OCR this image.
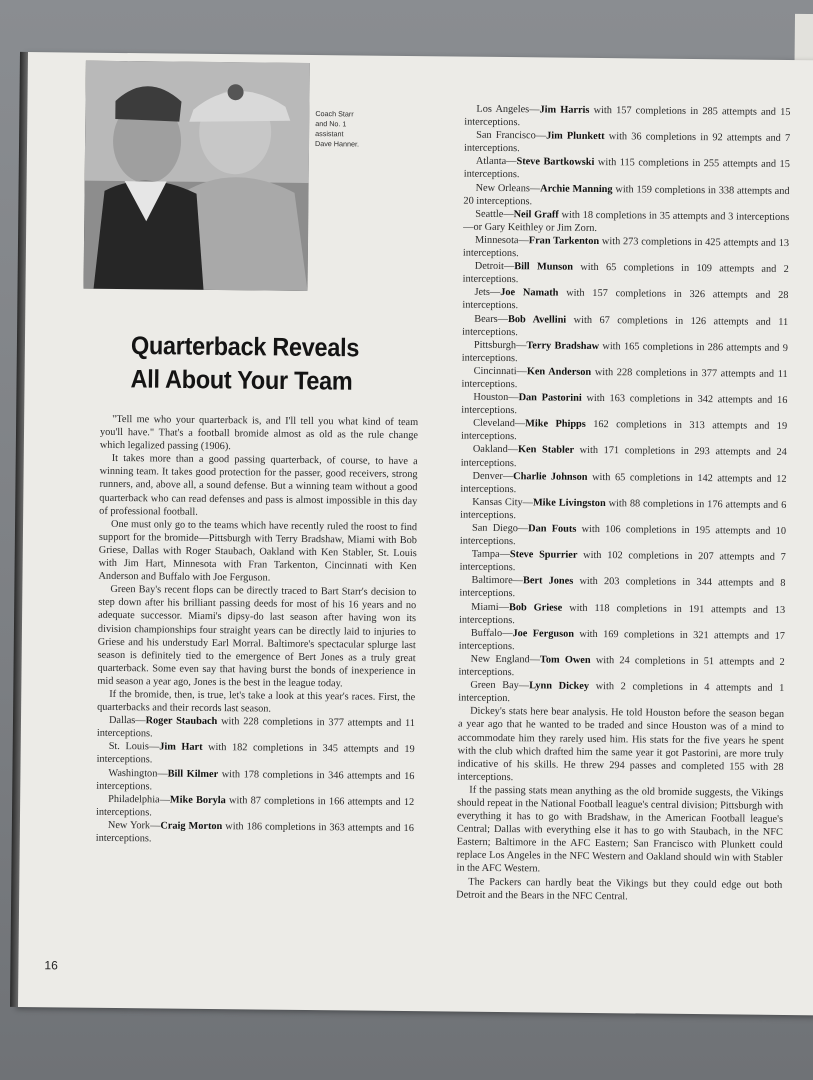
Coach Starr
and No. 1
assistant
Dave Hanner.
Quarterback Reveals
All About Your Team

"Tell me who your quarterback is, and I'll tell you what kind of team you'll have." That's a football bromide almost as old as the rule change which legalized passing (1906).

It takes more than a good passing quarterback, of course, to have a winning team. It takes good protection for the passer, good receivers, strong runners, and, above all, a sound defense. But a winning team without a good quarterback who can read defenses and pass is almost impossible in this day of professional football.

One must only go to the teams which have recently ruled the roost to find support for the bromide—Pittsburgh with Terry Bradshaw, Miami with Bob Griese, Dallas with Roger Staubach, Oakland with Ken Stabler, St. Louis with Jim Hart, Minnesota with Fran Tarkenton, Cincinnati with Ken Anderson and Buffalo with Joe Ferguson.

Green Bay's recent flops can be directly traced to Bart Starr's decision to step down after his brilliant passing deeds for most of his 16 years and no adequate successor. Miami's dipsy-do last season after having won its division championships four straight years can be directly laid to injuries to Griese and his understudy Earl Morral. Baltimore's spectacular splurge last season is definitely tied to the emergence of Bert Jones as a truly great quarterback. Some even say that having burst the bonds of inexperience in mid season a year ago, Jones is the best in the league today.

If the bromide, then, is true, let's take a look at this year's races. First, the quarterbacks and their records last season.

Dallas—Roger Staubach with 228 completions in 377 attempts and 11 interceptions.

St. Louis—Jim Hart with 182 completions in 345 attempts and 19 interceptions.

Washington—Bill Kilmer with 178 completions in 346 attempts and 16 interceptions.

Philadelphia—Mike Boryla with 87 completions in 166 attempts and 12 interceptions.

New York—Craig Morton with 186 completions in 363 attempts and 16 interceptions.

Los Angeles—Jim Harris with 157 completions in 285 attempts and 15 interceptions.

San Francisco—Jim Plunkett with 36 completions in 92 attempts and 7 interceptions.

Atlanta—Steve Bartkowski with 115 completions in 255 attempts and 15 interceptions.

New Orleans—Archie Manning with 159 completions in 338 attempts and 20 interceptions.

Seattle—Neil Graff with 18 completions in 35 attempts and 3 interceptions—or Gary Keithley or Jim Zorn.

Minnesota—Fran Tarkenton with 273 completions in 425 attempts and 13 interceptions.

Detroit—Bill Munson with 65 completions in 109 attempts and 2 interceptions.

Jets—Joe Namath with 157 completions in 326 attempts and 28 interceptions.

Bears—Bob Avellini with 67 completions in 126 attempts and 11 interceptions.

Pittsburgh—Terry Bradshaw with 165 completions in 286 attempts and 9 interceptions.

Cincinnati—Ken Anderson with 228 completions in 377 attempts and 11 interceptions.

Houston—Dan Pastorini with 163 completions in 342 attempts and 16 interceptions.

Cleveland—Mike Phipps 162 completions in 313 attempts and 19 interceptions.

Oakland—Ken Stabler with 171 completions in 293 attempts and 24 interceptions.

Denver—Charlie Johnson with 65 completions in 142 attempts and 12 interceptions.

Kansas City—Mike Livingston with 88 completions in 176 attempts and 6 interceptions.

San Diego—Dan Fouts with 106 completions in 195 attempts and 10 interceptions.

Tampa—Steve Spurrier with 102 completions in 207 attempts and 7 interceptions.

Baltimore—Bert Jones with 203 completions in 344 attempts and 8 interceptions.

Miami—Bob Griese with 118 completions in 191 attempts and 13 interceptions.

Buffalo—Joe Ferguson with 169 completions in 321 attempts and 17 interceptions.

New England—Tom Owen with 24 completions in 51 attempts and 2 interceptions.

Green Bay—Lynn Dickey with 2 completions in 4 attempts and 1 interception.

Dickey's stats here bear analysis. He told Houston before the season began a year ago that he wanted to be traded and since Houston was of a mind to accommodate him they rarely used him. His stats for the five years he spent with the club which drafted him the same year it got Pastorini, are more truly indicative of his skills. He threw 294 passes and completed 155 with 28 interceptions.

If the passing stats mean anything as the old bromide suggests, the Vikings should repeat in the National Football league's central division; Pittsburgh with everything it has to go with Bradshaw, in the American Football league's Central; Dallas with everything else it has to go with Staubach, in the NFC Eastern; Baltimore in the AFC Eastern; San Francisco with Plunkett could replace Los Angeles in the NFC Western and Oakland should win with Stabler in the AFC Western.

The Packers can hardly beat the Vikings but they could edge out both Detroit and the Bears in the NFC Central.

16
